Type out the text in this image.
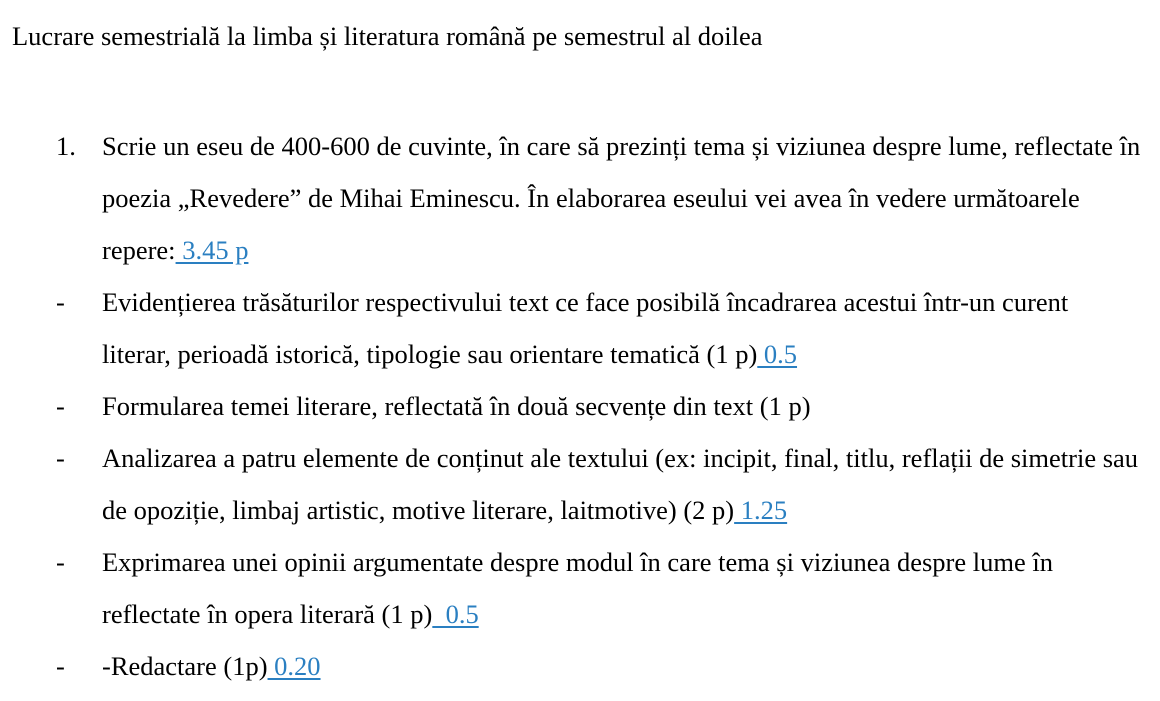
Lucrare semestrială la limba și literatura română pe semestrul al doilea
1. Scrie un eseu de 400-600 de cuvinte, în care să prezinți tema și viziunea despre lume, reflectate în poezia „Revedere” de Mihai Eminescu. În elaborarea eseului vei avea în vedere următoarele repere: 3.45 p
- Evidențierea trăsăturilor respectivului text ce face posibilă încadrarea acestui într-un curent literar, perioadă istorică, tipologie sau orientare tematică (1 p) 0.5
- Formularea temei literare, reflectată în două secvențe din text (1 p)
- Analizarea a patru elemente de conținut ale textului (ex: incipit, final, titlu, reflații de simetrie sau de opoziție, limbaj artistic, motive literare, laitmotive) (2 p) 1.25
- Exprimarea unei opinii argumentate despre modul în care tema și viziunea despre lume în reflectate în opera literară (1 p)  0.5
- -Redactare (1p) 0.20
